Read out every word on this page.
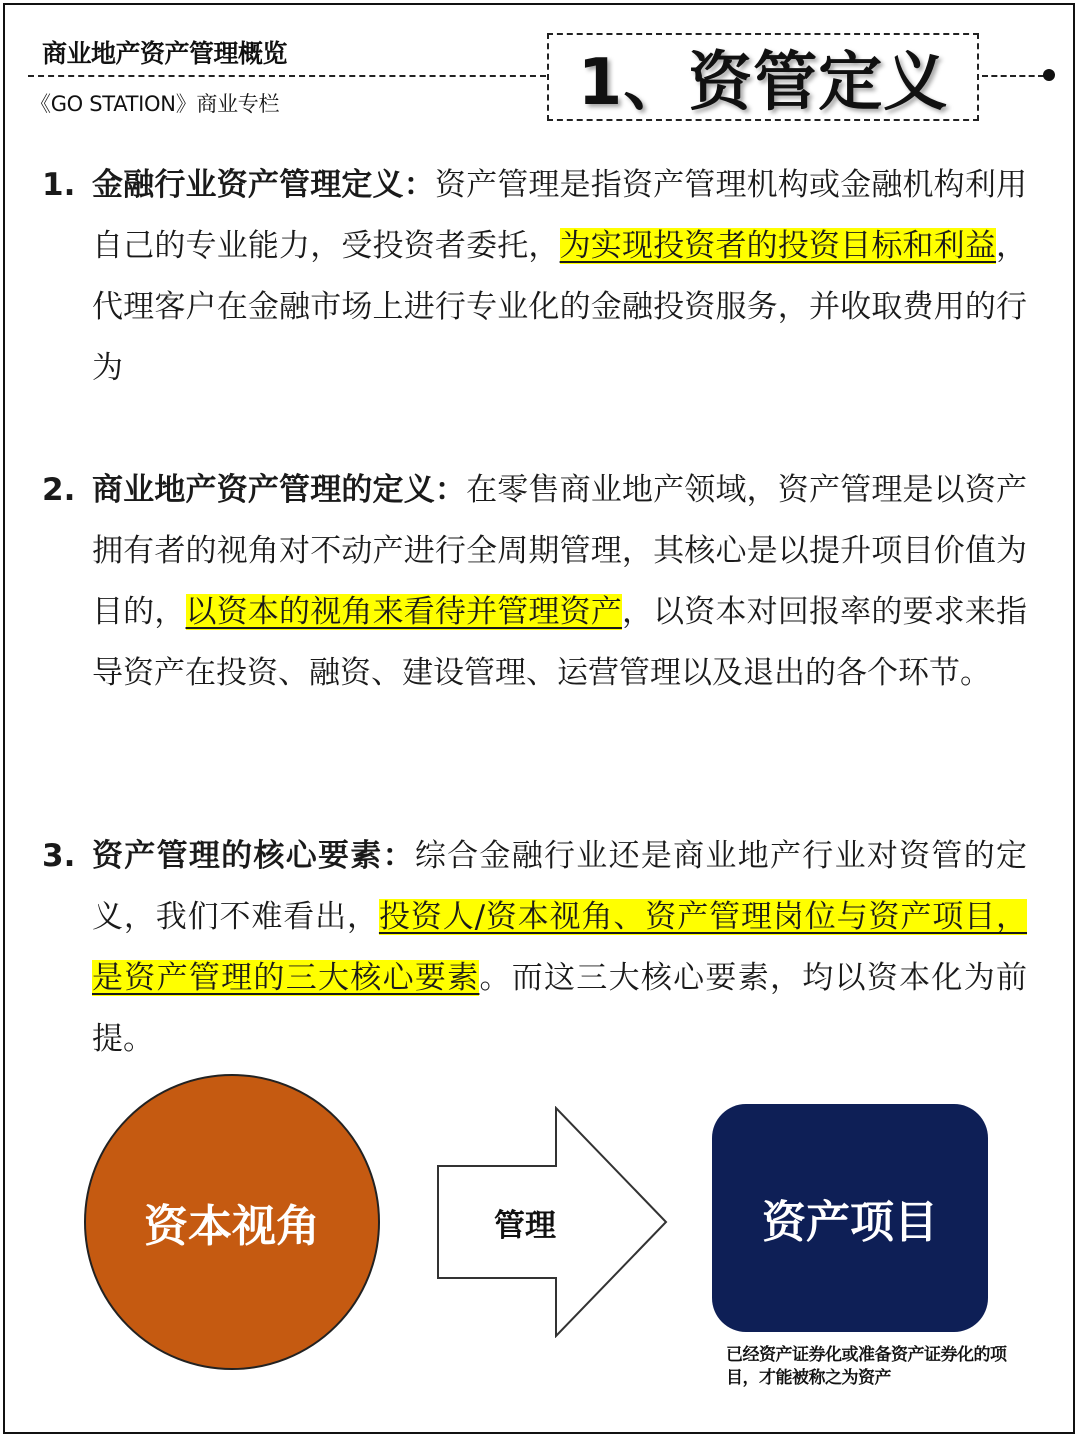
商业地产资产管理概览
《GO STATION》商业专栏	1、资管定义
1. 金融行业资产管理定义：资产管理是指资产管理机构或金融机构利用自己的专业能力，受投资者委托，为实现投资者的投资目标和利益，代理客户在金融市场上进行专业化的金融投资服务，并收取费用的行为
2. 商业地产资产管理的定义：在零售商业地产领域，资产管理是以资产拥有者的视角对不动产进行全周期管理，其核心是以提升项目价值为目的，以资本的视角来看待并管理资产，以资本对回报率的要求来指导资产在投资、融资、建设管理、运营管理以及退出的各个环节。
3. 资产管理的核心要素：综合金融行业还是商业地产行业对资管的定义，我们不难看出，投资人/资本视角、资产管理岗位与资产项目，是资产管理的三大核心要素。而这三大核心要素，均以资本化为前提。
资本视角	管理	资产项目
已经资产证券化或准备资产证券化的项目，才能被称之为资产
